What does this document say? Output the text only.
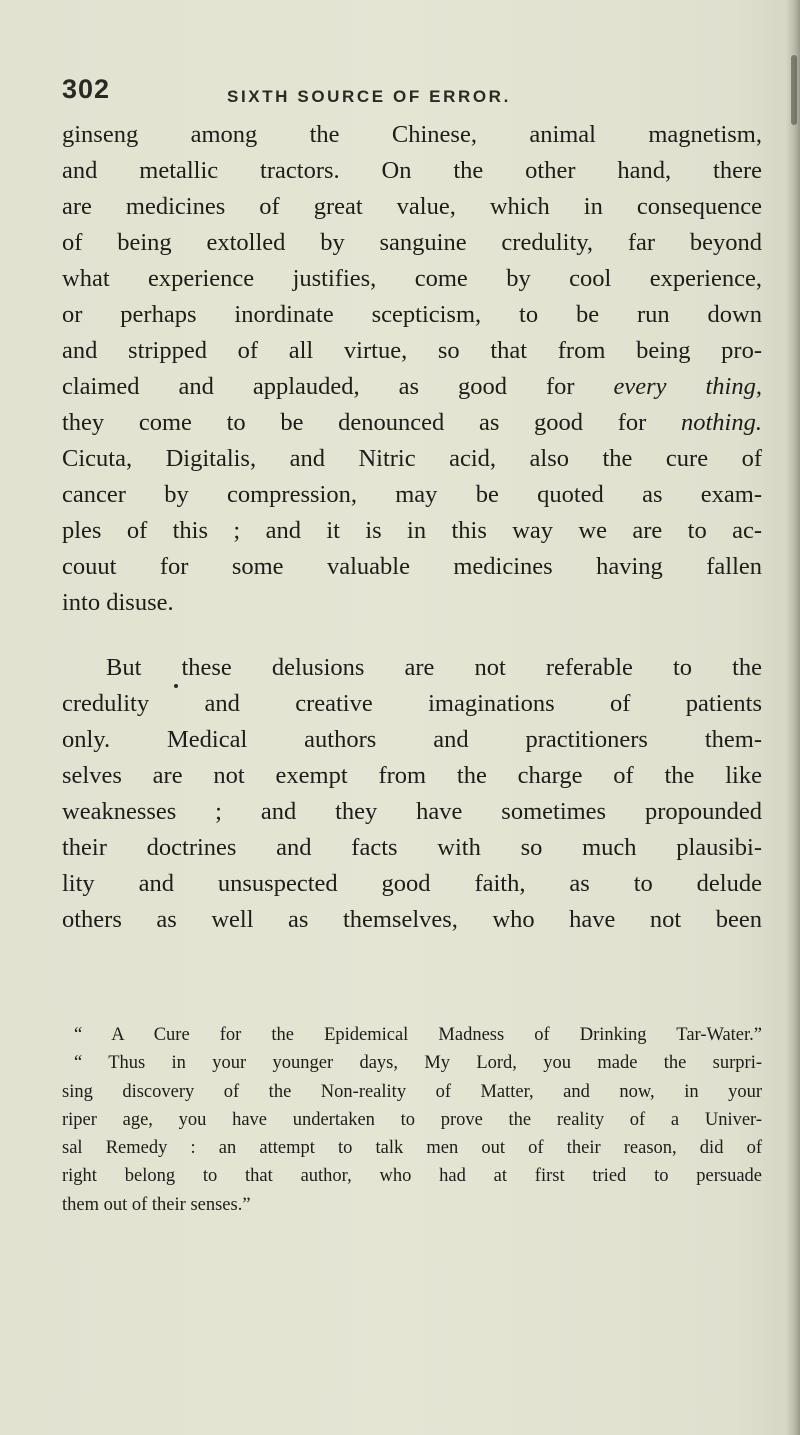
302	SIXTH SOURCE OF ERROR.
ginseng among the Chinese, animal magnetism,
and metallic tractors. On the other hand, there
are medicines of great value, which in consequence
of being extolled by sanguine credulity, far beyond
what experience justifies, come by cool experience,
or perhaps inordinate scepticism, to be run down
and stripped of all virtue, so that from being pro-
claimed and applauded, as good for every thing,
they come to be denounced as good for nothing.
Cicuta, Digitalis, and Nitric acid, also the cure of
cancer by compression, may be quoted as exam-
ples of this ; and it is in this way we are to ac-
couut for some valuable medicines having fallen
into disuse.
But these delusions are not referable to the
credulity and creative imaginations of patients
only. Medical authors and practitioners them-
selves are not exempt from the charge of the like
weaknesses ; and they have sometimes propounded
their doctrines and facts with so much plausibi-
lity and unsuspected good faith, as to delude
others as well as themselves, who have not been
“ A Cure for the Epidemical Madness of Drinking Tar-Water.”
“ Thus in your younger days, My Lord, you made the surpri-
sing discovery of the Non-reality of Matter, and now, in your
riper age, you have undertaken to prove the reality of a Univer-
sal Remedy : an attempt to talk men out of their reason, did of
right belong to that author, who had at first tried to persuade
them out of their senses.”
